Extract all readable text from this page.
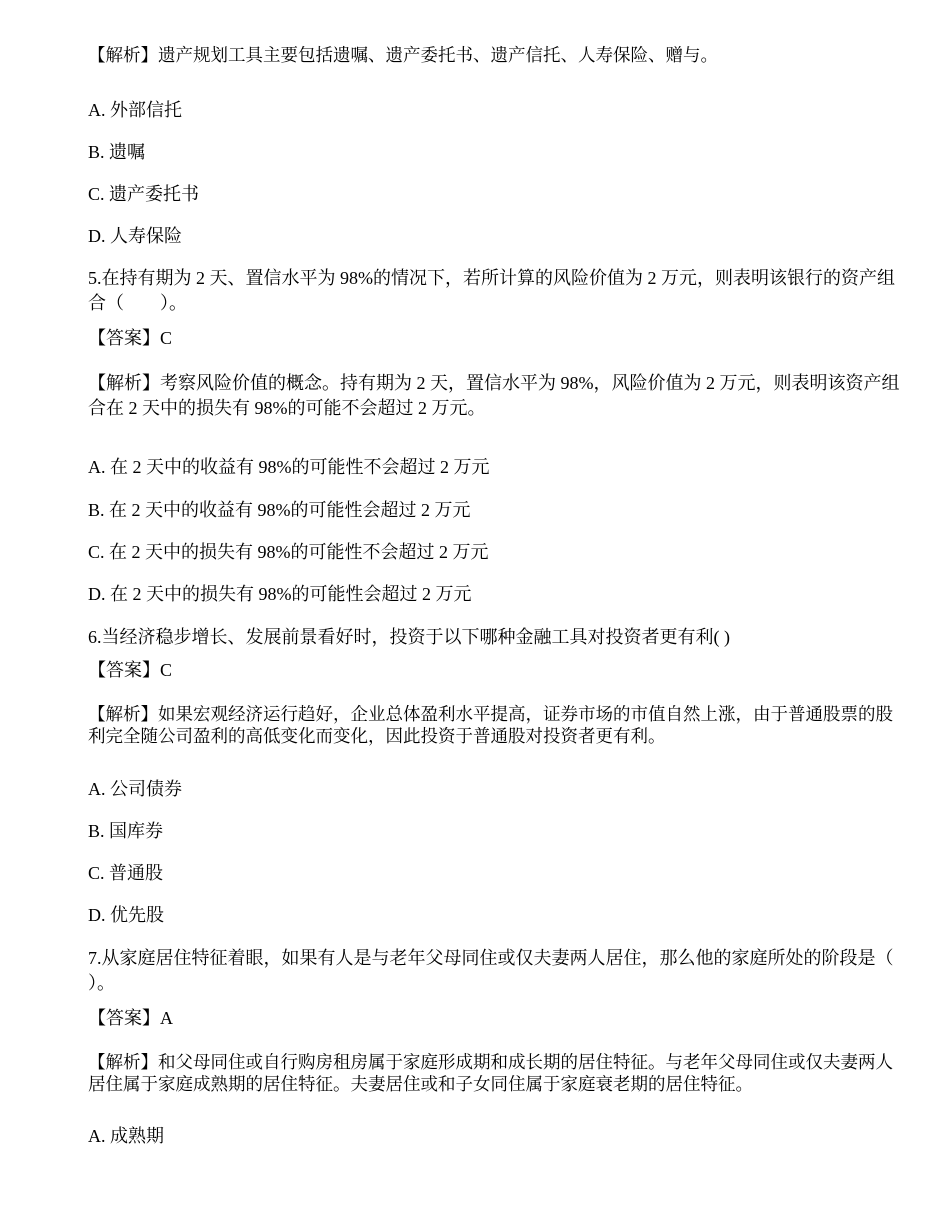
【解析】遗产规划工具主要包括遗嘱、遗产委托书、遗产信托、人寿保险、赠与。
A. 外部信托
B. 遗嘱
C. 遗产委托书
D. 人寿保险
5.在持有期为 2 天、置信水平为 98%的情况下，若所计算的风险价值为 2 万元，则表明该银行的资产组合（　　）。
【答案】C
【解析】考察风险价值的概念。持有期为 2 天，置信水平为 98%，风险价值为 2 万元，则表明该资产组合在 2 天中的损失有 98%的可能不会超过 2 万元。
A. 在 2 天中的收益有 98%的可能性不会超过 2 万元
B. 在 2 天中的收益有 98%的可能性会超过 2 万元
C. 在 2 天中的损失有 98%的可能性不会超过 2 万元
D. 在 2 天中的损失有 98%的可能性会超过 2 万元
6.当经济稳步增长、发展前景看好时，投资于以下哪种金融工具对投资者更有利( )
【答案】C
【解析】如果宏观经济运行趋好，企业总体盈利水平提高，证券市场的市值自然上涨，由于普通股票的股利完全随公司盈利的高低变化而变化，因此投资于普通股对投资者更有利。
A. 公司债券
B. 国库券
C. 普通股
D. 优先股
7.从家庭居住特征着眼，如果有人是与老年父母同住或仅夫妻两人居住，那么他的家庭所处的阶段是（　　）。
【答案】A
【解析】和父母同住或自行购房租房属于家庭形成期和成长期的居住特征。与老年父母同住或仅夫妻两人居住属于家庭成熟期的居住特征。夫妻居住或和子女同住属于家庭衰老期的居住特征。
A. 成熟期
